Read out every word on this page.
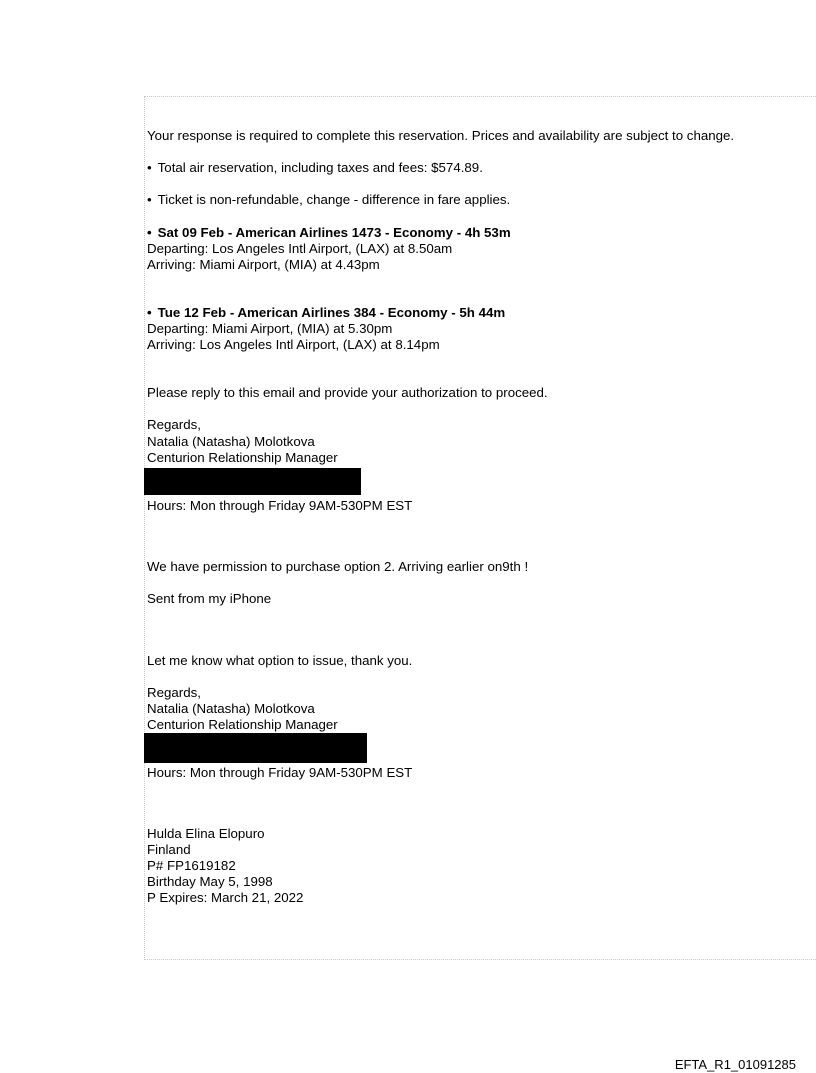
Your response is required to complete this reservation. Prices and availability are subject to change.
• Total air reservation, including taxes and fees: $574.89.
• Ticket is non-refundable, change - difference in fare applies.
• Sat 09 Feb - American Airlines 1473 - Economy - 4h 53m
Departing: Los Angeles Intl Airport, (LAX) at 8.50am
Arriving: Miami Airport, (MIA) at 4.43pm
• Tue 12 Feb - American Airlines 384 - Economy - 5h 44m
Departing: Miami Airport, (MIA) at 5.30pm
Arriving: Los Angeles Intl Airport, (LAX) at 8.14pm
Please reply to this email and provide your authorization to proceed.
Regards,
Natalia (Natasha) Molotkova
Centurion Relationship Manager
Hours: Mon through Friday 9AM-530PM EST
We have permission to purchase option 2. Arriving earlier on9th !
Sent from my iPhone
Let me know what option to issue, thank you.
Regards,
Natalia (Natasha) Molotkova
Centurion Relationship Manager
Hours: Mon through Friday 9AM-530PM EST
Hulda Elina Elopuro
Finland
P# FP1619182
Birthday May 5, 1998
P Expires: March 21, 2022
EFTA_R1_01091285
